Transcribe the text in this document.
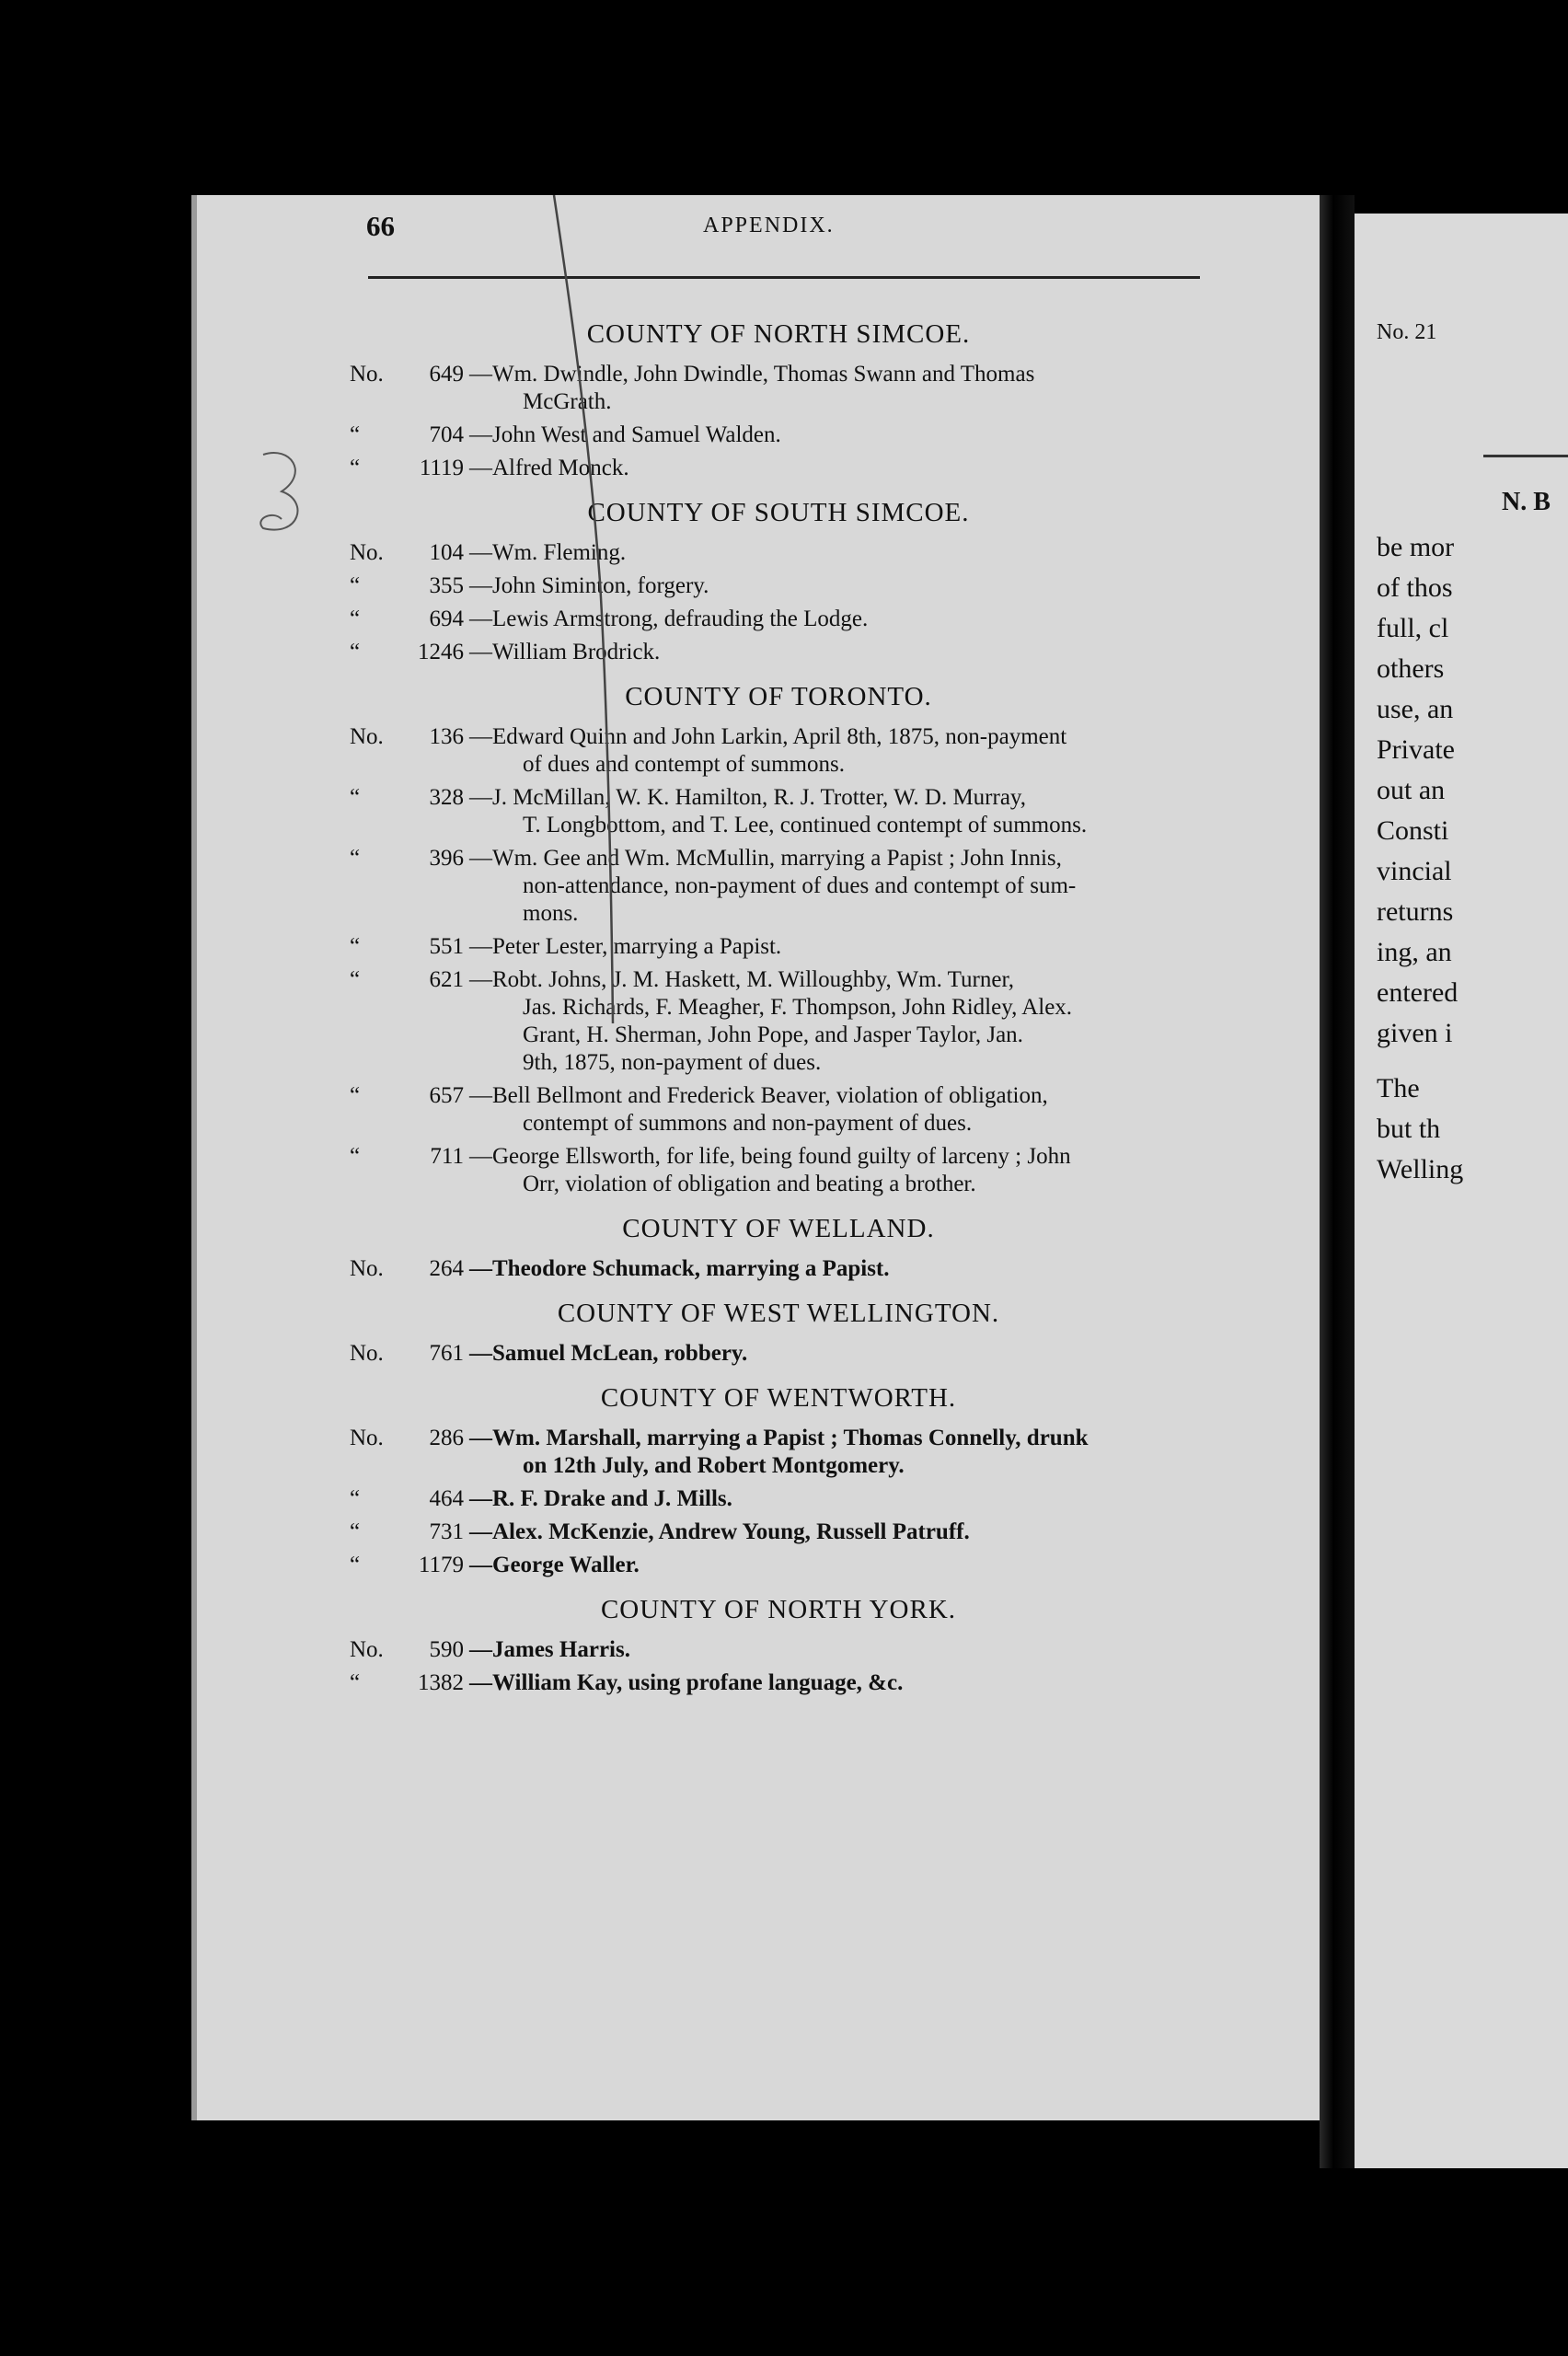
No. 21
N. B
be mor
of thos
full, cl
others
use, an
Private
out an
Consti
vincial
returns
ing, an
entered
given i
The
but th
Welling
66	APPENDIX.
COUNTY OF NORTH SIMCOE.
No.	649 —Wm. Dwindle, John Dwindle, Thomas Swann and Thomas
McGrath.
“	704 —John West and Samuel Walden.
“	1119 —Alfred Monck.
COUNTY OF SOUTH SIMCOE.
No.	104 —Wm. Fleming.
“	355 —John Siminton, forgery.
“	694 —Lewis Armstrong, defrauding the Lodge.
“	1246 —William Brodrick.
COUNTY OF TORONTO.
No.	136 —Edward Quinn and John Larkin, April 8th, 1875, non-payment
of dues and contempt of summons.
“	328 —J. McMillan, W. K. Hamilton, R. J. Trotter, W. D. Murray,
T. Longbottom, and T. Lee, continued contempt of summons.
“	396 —Wm. Gee and Wm. McMullin, marrying a Papist ; John Innis,
non-attendance, non-payment of dues and contempt of sum-
mons.
“	551 —Peter Lester, marrying a Papist.
“	621 —Robt. Johns, J. M. Haskett, M. Willoughby, Wm. Turner,
Jas. Richards, F. Meagher, F. Thompson, John Ridley, Alex.
Grant, H. Sherman, John Pope, and Jasper Taylor, Jan.
9th, 1875, non-payment of dues.
“	657 —Bell Bellmont and Frederick Beaver, violation of obligation,
contempt of summons and non-payment of dues.
“	711 —George Ellsworth, for life, being found guilty of larceny ; John
Orr, violation of obligation and beating a brother.
COUNTY OF WELLAND.
No.	264 —Theodore Schumack, marrying a Papist.
COUNTY OF WEST WELLINGTON.
No.	761 —Samuel McLean, robbery.
COUNTY OF WENTWORTH.
No.	286 —Wm. Marshall, marrying a Papist ; Thomas Connelly, drunk
on 12th July, and Robert Montgomery.
“	464 —R. F. Drake and J. Mills.
“	731 —Alex. McKenzie, Andrew Young, Russell Patruff.
“	1179 —George Waller.
COUNTY OF NORTH YORK.
No.	590 —James Harris.
“	1382 —William Kay, using profane language, &c.
